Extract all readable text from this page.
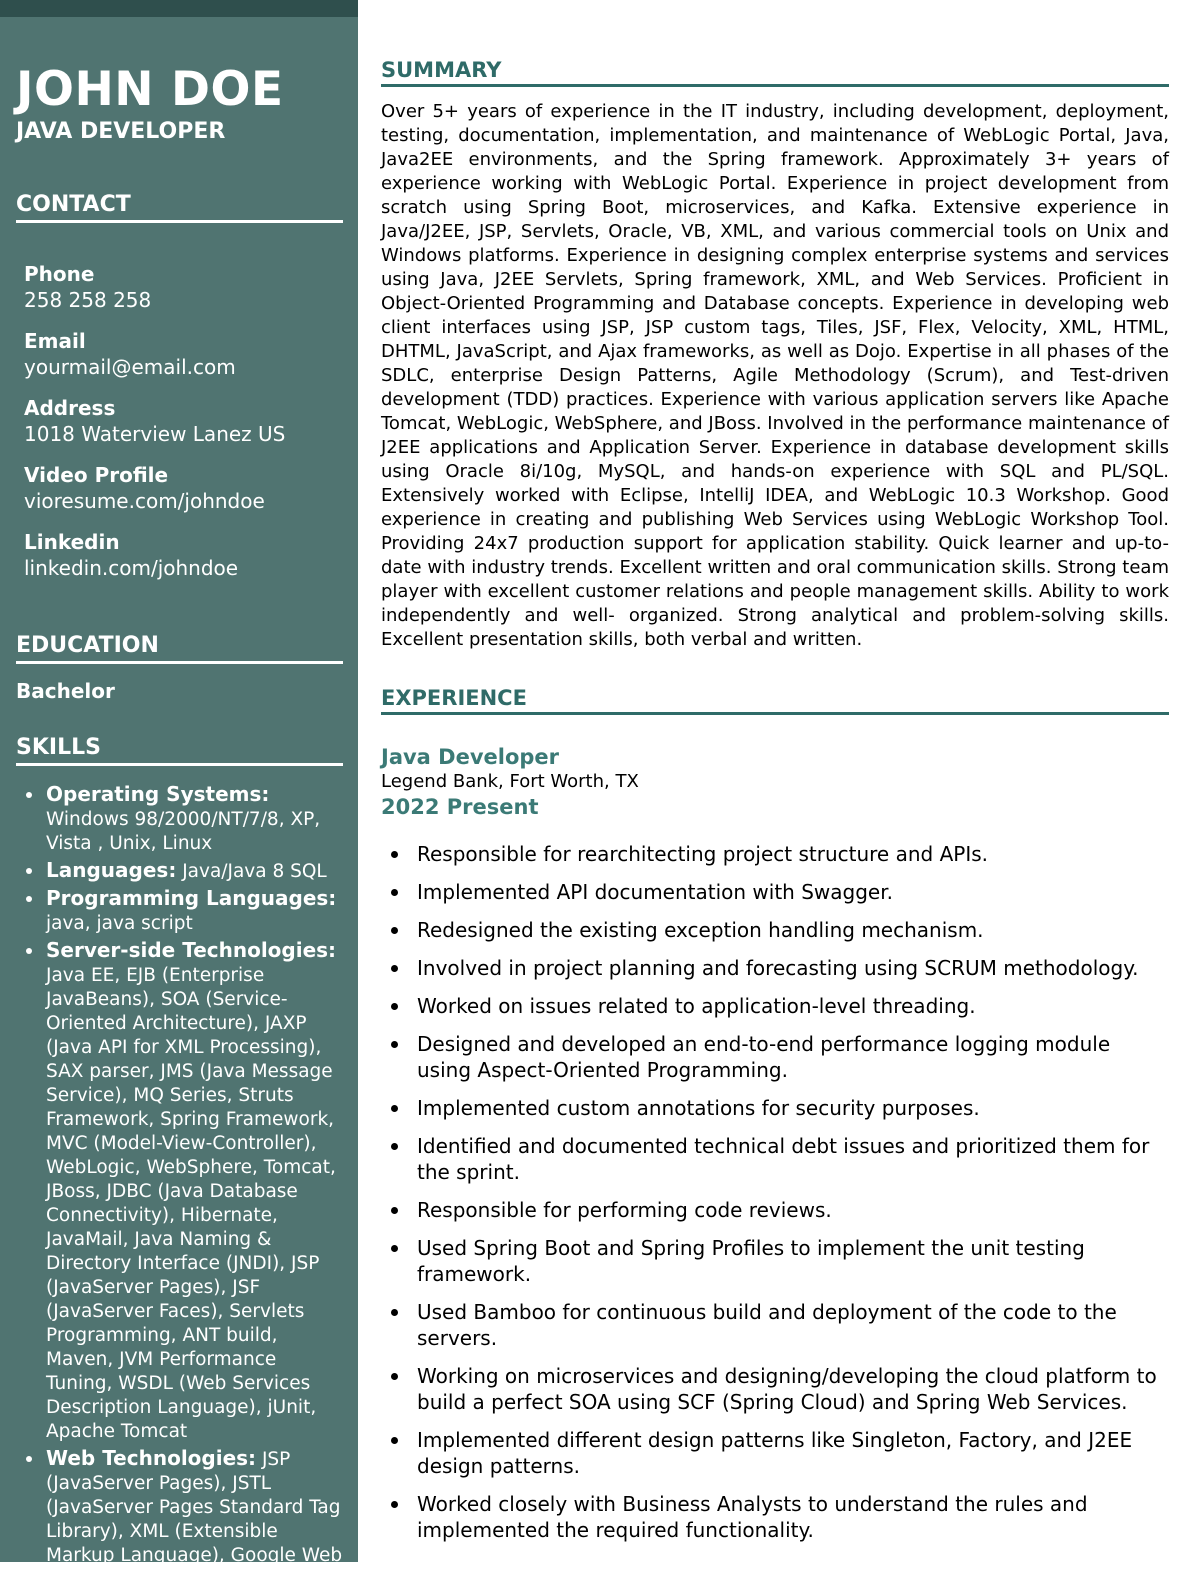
JOHN DOE
JAVA DEVELOPER
CONTACT
Phone
258 258 258
Email
yourmail@email.com
Address
1018 Waterview Lanez US
Video Profile
vioresume.com/johndoe
Linkedin
linkedin.com/johndoe
EDUCATION
Bachelor
SKILLS
Operating Systems: Windows 98/2000/NT/7/8, XP, Vista , Unix, Linux
Languages: Java/Java 8 SQL
Programming Languages: java, java script
Server-side Technologies: Java EE, EJB (Enterprise JavaBeans), SOA (Service-Oriented Architecture), JAXP (Java API for XML Processing), SAX parser, JMS (Java Message Service), MQ Series, Struts Framework, Spring Framework, MVC (Model-View-Controller), WebLogic, WebSphere, Tomcat, JBoss, JDBC (Java Database Connectivity), Hibernate, JavaMail, Java Naming & Directory Interface (JNDI), JSP (JavaServer Pages), JSF (JavaServer Faces), Servlets Programming, ANT build, Maven, JVM Performance Tuning, WSDL (Web Services Description Language), jUnit, Apache Tomcat
Web Technologies: JSP (JavaServer Pages), JSTL (JavaServer Pages Standard Tag Library), XML (Extensible Markup Language), Google Web Toolkit
SUMMARY

Over 5+ years of experience in the IT industry, including development, deployment, testing, documentation, implementation, and maintenance of WebLogic Portal, Java, Java2EE environments, and the Spring framework. Approximately 3+ years of experience working with WebLogic Portal. Experience in project development from scratch using Spring Boot, microservices, and Kafka. Extensive experience in Java/J2EE, JSP, Servlets, Oracle, VB, XML, and various commercial tools on Unix and Windows platforms. Experience in designing complex enterprise systems and services using Java, J2EE Servlets, Spring framework, XML, and Web Services. Proficient in Object-Oriented Programming and Database concepts. Experience in developing web client interfaces using JSP, JSP custom tags, Tiles, JSF, Flex, Velocity, XML, HTML, DHTML, JavaScript, and Ajax frameworks, as well as Dojo. Expertise in all phases of the SDLC, enterprise Design Patterns, Agile Methodology (Scrum), and Test-driven development (TDD) practices. Experience with various application servers like Apache Tomcat, WebLogic, WebSphere, and JBoss. Involved in the performance maintenance of J2EE applications and Application Server. Experience in database development skills using Oracle 8i/10g, MySQL, and hands-on experience with SQL and PL/SQL. Extensively worked with Eclipse, IntelliJ IDEA, and WebLogic 10.3 Workshop. Good experience in creating and publishing Web Services using WebLogic Workshop Tool. Providing 24x7 production support for application stability. Quick learner and up-to-date with industry trends. Excellent written and oral communication skills. Strong team player with excellent customer relations and people management skills. Ability to work independently and well- organized. Strong analytical and problem-solving skills. Excellent presentation skills, both verbal and written.

EXPERIENCE
Java Developer
Legend Bank, Fort Worth, TX
2022 Present
Responsible for rearchitecting project structure and APIs.
Implemented API documentation with Swagger.
Redesigned the existing exception handling mechanism.
Involved in project planning and forecasting using SCRUM methodology.
Worked on issues related to application-level threading.
Designed and developed an end-to-end performance logging module using Aspect-Oriented Programming.
Implemented custom annotations for security purposes.
Identified and documented technical debt issues and prioritized them for the sprint.
Responsible for performing code reviews.
Used Spring Boot and Spring Profiles to implement the unit testing framework.
Used Bamboo for continuous build and deployment of the code to the servers.
Working on microservices and designing/developing the cloud platform to build a perfect SOA using SCF (Spring Cloud) and Spring Web Services.
Implemented different design patterns like Singleton, Factory, and J2EE design patterns.
Worked closely with Business Analysts to understand the rules and implemented the required functionality.
